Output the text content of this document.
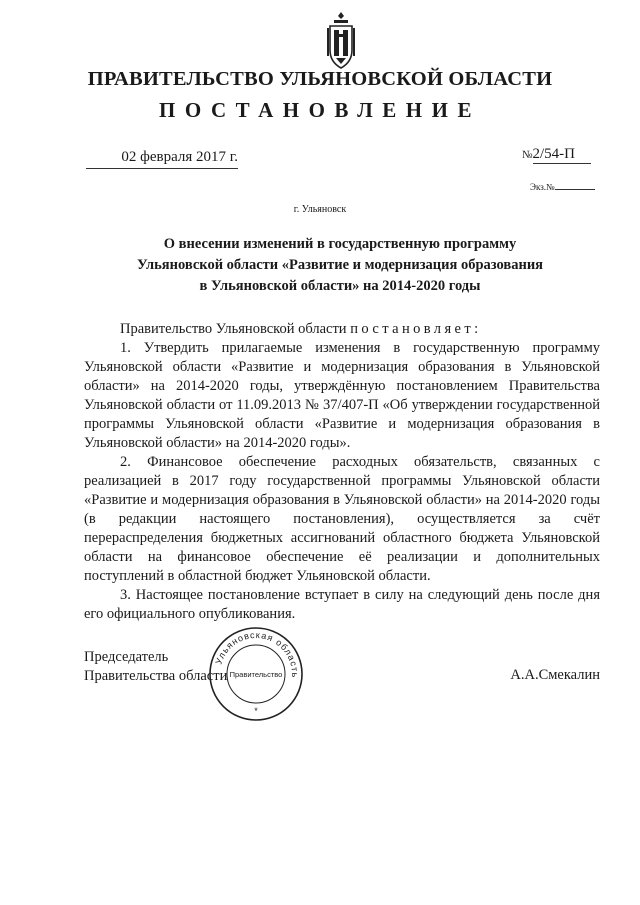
ПРАВИТЕЛЬСТВО УЛЬЯНОВСКОЙ ОБЛАСТИ
ПОСТАНОВЛЕНИЕ
02 февраля 2017 г.	№2/54-П
Экз.№
г. Ульяновск
О внесении изменений в государственную программу
Ульяновской области «Развитие и модернизация образования
в Ульяновской области» на 2014-2020 годы

Правительство Ульяновской области постановляет:

1. Утвердить прилагаемые изменения в государственную программу Ульяновской области «Развитие и модернизация образования в Ульяновской области» на 2014-2020 годы, утверждённую постановлением Правительства Ульяновской области от 11.09.2013 № 37/407-П «Об утверждении государственной программы Ульяновской области «Развитие и модернизация образования в Ульяновской области» на 2014-2020 годы».

2. Финансовое обеспечение расходных обязательств, связанных с реализацией в 2017 году государственной программы Ульяновской области «Развитие и модернизация образования в Ульяновской области» на 2014-2020 годы (в редакции настоящего постановления), осуществляется за счёт перераспределения бюджетных ассигнований областного бюджета Ульяновской области на финансовое обеспечение её реализации и дополнительных поступлений в областной бюджет Ульяновской области.

3. Настоящее постановление вступает в силу на следующий день после дня его официального опубликования.

Председатель
Правительства области	А.А.Смекалин
Ульяновская область
Правительство
*
